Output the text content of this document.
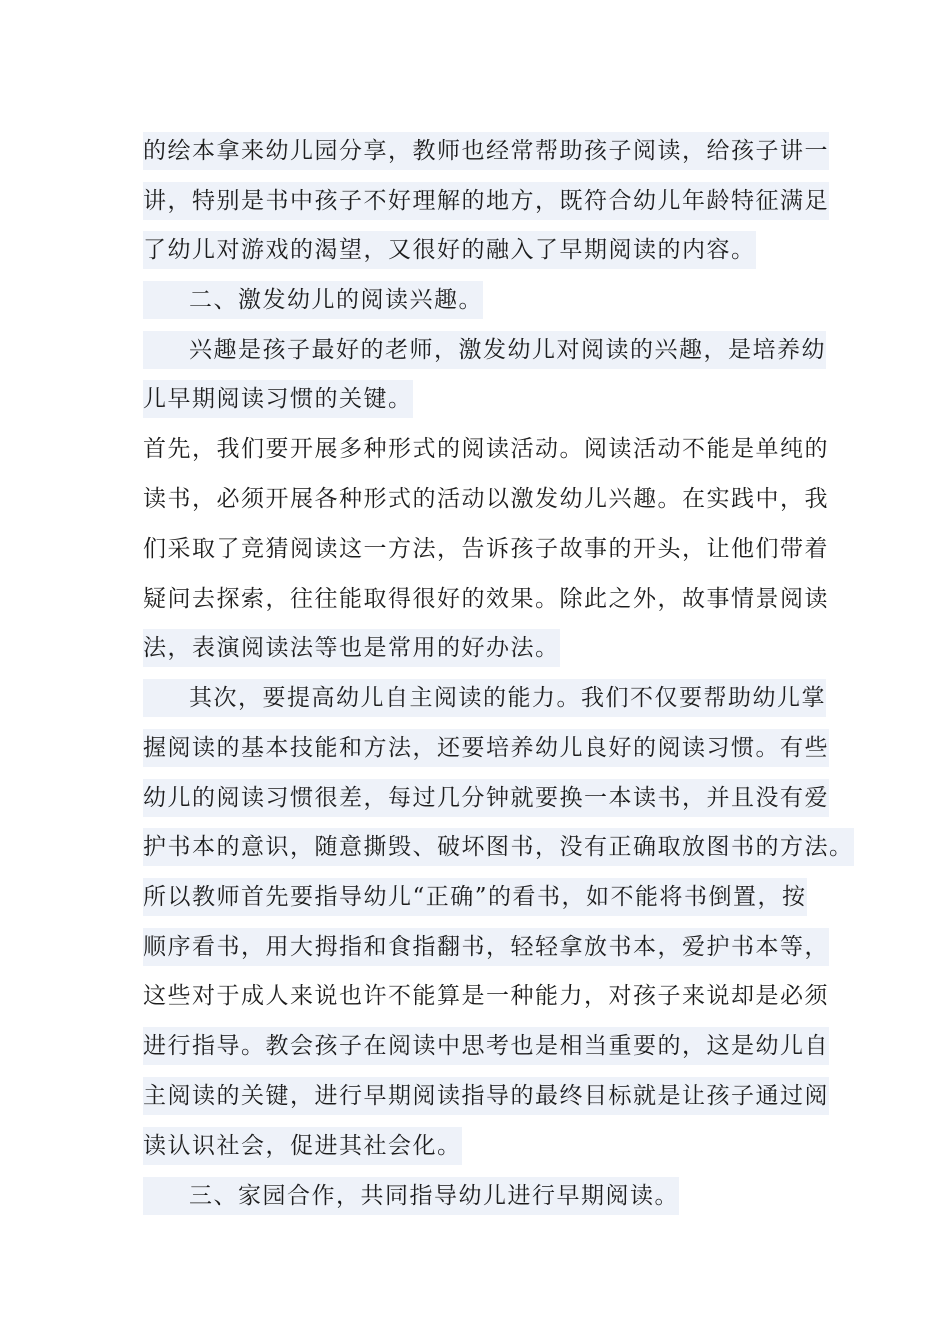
的绘本拿来幼儿园分享，教师也经常帮助孩子阅读，给孩子讲一
讲，特别是书中孩子不好理解的地方，既符合幼儿年龄特征满足
了幼儿对游戏的渴望，又很好的融入了早期阅读的内容。
二、激发幼儿的阅读兴趣。
兴趣是孩子最好的老师，激发幼儿对阅读的兴趣，是培养幼
儿早期阅读习惯的关键。
首先，我们要开展多种形式的阅读活动。阅读活动不能是单纯的
读书，必须开展各种形式的活动以激发幼儿兴趣。在实践中，我
们采取了竞猜阅读这一方法，告诉孩子故事的开头，让他们带着
疑问去探索，往往能取得很好的效果。除此之外，故事情景阅读
法，表演阅读法等也是常用的好办法。
其次，要提高幼儿自主阅读的能力。我们不仅要帮助幼儿掌
握阅读的基本技能和方法，还要培养幼儿良好的阅读习惯。有些
幼儿的阅读习惯很差，每过几分钟就要换一本读书，并且没有爱
护书本的意识，随意撕毁、破坏图书，没有正确取放图书的方法。
所以教师首先要指导幼儿“正确”的看书，如不能将书倒置，按
顺序看书，用大拇指和食指翻书，轻轻拿放书本，爱护书本等，
这些对于成人来说也许不能算是一种能力，对孩子来说却是必须
进行指导。教会孩子在阅读中思考也是相当重要的，这是幼儿自
主阅读的关键，进行早期阅读指导的最终目标就是让孩子通过阅
读认识社会，促进其社会化。
三、家园合作，共同指导幼儿进行早期阅读。
